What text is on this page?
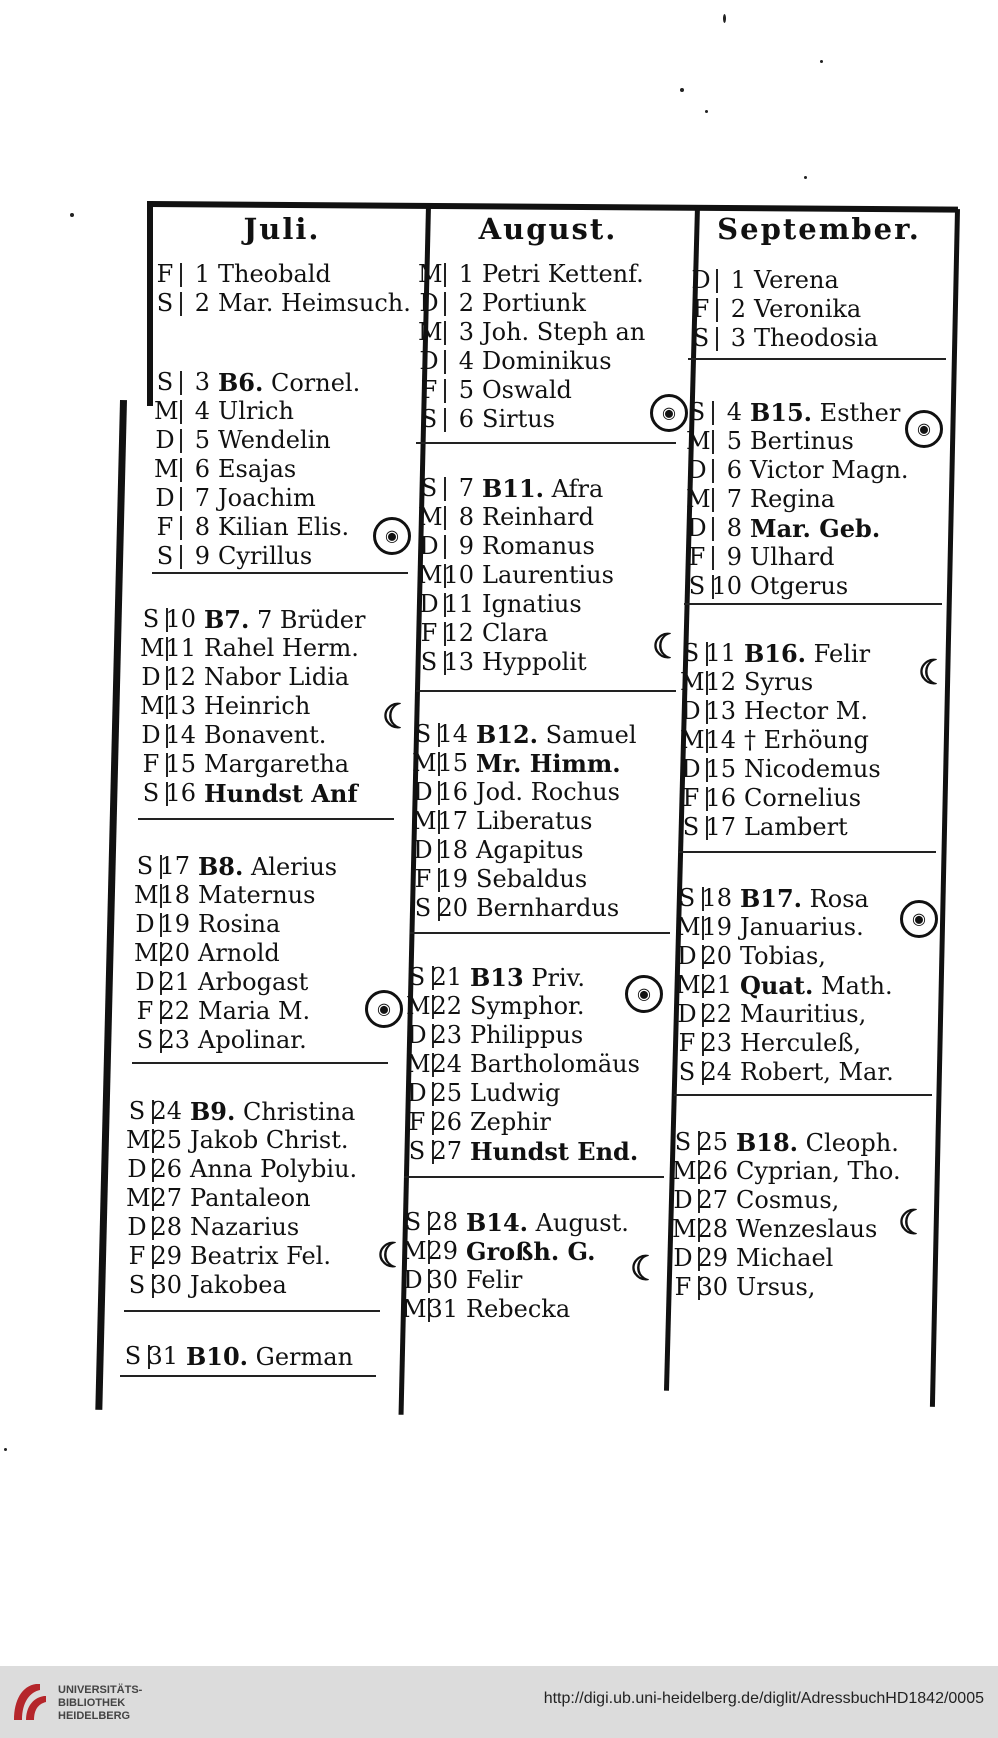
Juli.
F 1 Theobald
S 2 Mar. Heimsuch.
S 3 B6. Cornel.
M 4 Ulrich
D 5 Wendelin
M 6 Esajas
D 7 Joachim
F 8 Kilian Elis.
S 9 Cyrillus
S 10 B7. 7 Brüder
M 11 Rahel Herm.
D 12 Nabor Lidia
M 13 Heinrich
D 14 Bonavent.
F 15 Margaretha
S 16 Hundst Anf
S 17 B8. Alerius
M 18 Maternus
D 19 Rosina
M 20 Arnold
D 21 Arbogast
F 22 Maria M.
S 23 Apolinar.
S 24 B9. Christina
M 25 Jakob Christ.
D 26 Anna Polybiu.
M 27 Pantaleon
D 28 Nazarius
F 29 Beatrix Fel.
S 30 Jakobea
S 31 B10. German
August.
M 1 Petri Kettenf.
D 2 Portiunk
M 3 Joh. Steph an
D 4 Dominikus
F 5 Oswald
S 6 Sirtus
S 7 B11. Afra
M 8 Reinhard
D 9 Romanus
M 10 Laurentius
D 11 Ignatius
F 12 Clara
S 13 Hyppolit
S 14 B12. Samuel
M 15 Mr. Himm.
D 16 Jod. Rochus
M 17 Liberatus
D 18 Agapitus
F 19 Sebaldus
S 20 Bernhardus
S 21 B13 Priv.
M 22 Symphor.
D 23 Philippus
M 24 Bartholomäus
D 25 Ludwig
F 26 Zephir
S 27 Hundst End.
S 28 B14. August.
M 29 Großh. G.
D 30 Felir
M 31 Rebecka
September.
D 1 Verena
F 2 Veronika
S 3 Theodosia
S 4 B15. Esther
M 5 Bertinus
D 6 Victor Magn.
M 7 Regina
D 8 Mar. Geb.
F 9 Ulhard
S 10 Otgerus
S 11 B16. Felir
M 12 Syrus
D 13 Hector M.
M 14 † Erhöung
D 15 Nicodemus
F 16 Cornelius
S 17 Lambert
S 18 B17. Rosa
M 19 Januarius.
D 20 Tobias,
M 21 Quat. Math.
D 22 Mauritius,
F 23 Herculeß,
S 24 Robert, Mar.
S 25 B18. Cleoph.
M 26 Cyprian, Tho.
D 27 Cosmus,
M 28 Wenzeslaus
D 29 Michael
F 30 Ursus,
◉
☾
◉
☾
◉
☾
◉
☾
◉
☾
◉
☾
UNIVERSITÄTS-
BIBLIOTHEK
HEIDELBERG
http://digi.ub.uni-heidelberg.de/diglit/AdressbuchHD1842/0005
